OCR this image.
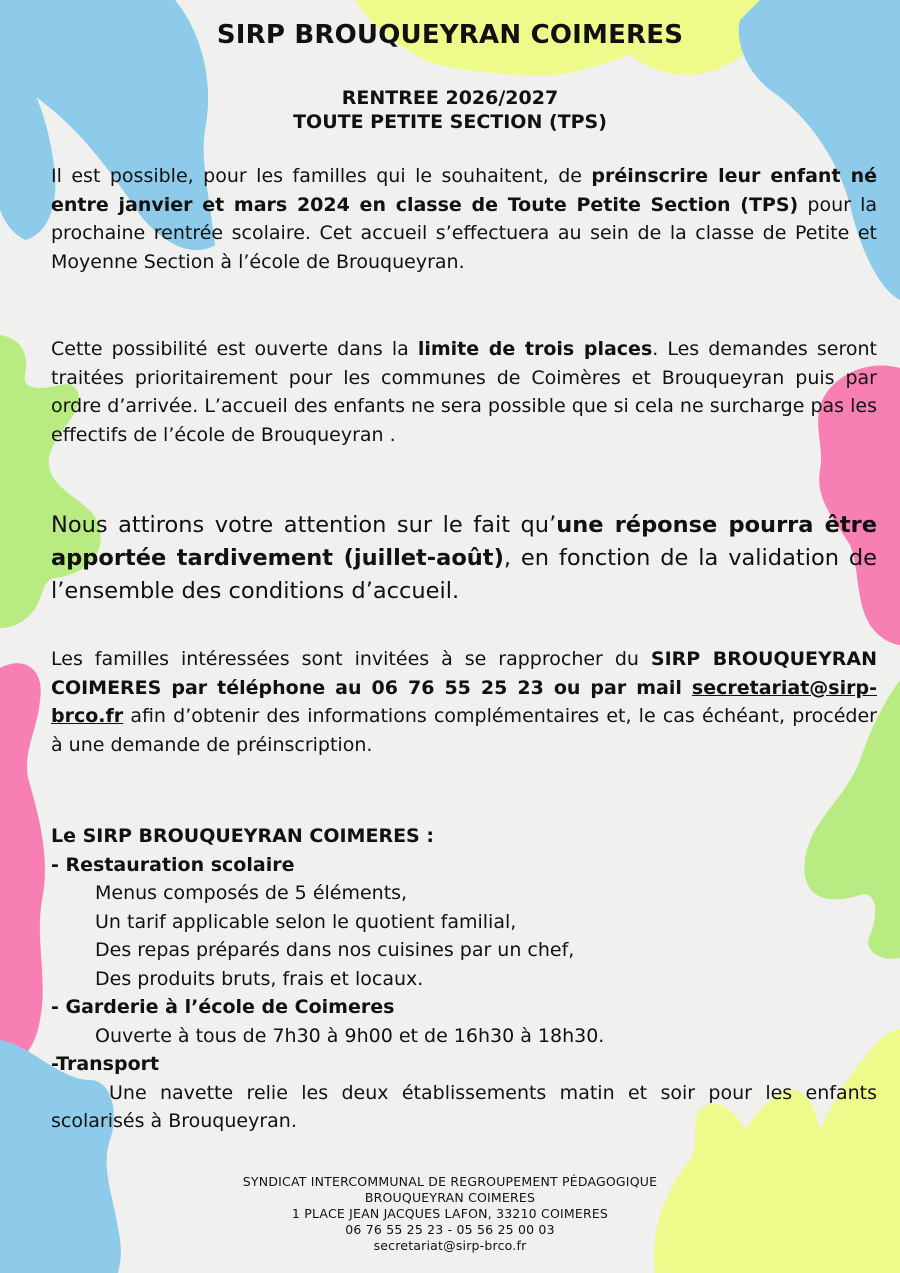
SIRP BROUQUEYRAN COIMERES
RENTREE 2026/2027
TOUTE PETITE SECTION (TPS)
Il est possible, pour les familles qui le souhaitent, de préinscrire leur enfant né entre janvier et mars 2024 en classe de Toute Petite Section (TPS) pour la prochaine rentrée scolaire. Cet accueil s’effectuera au sein de la classe de Petite et Moyenne Section à l’école de Brouqueyran.
Cette possibilité est ouverte dans la limite de trois places. Les demandes seront traitées prioritairement pour les communes de Coimères et Brouqueyran puis par ordre d’arrivée. L’accueil des enfants ne sera possible que si cela ne surcharge pas les effectifs de l’école de Brouqueyran .
Nous attirons votre attention sur le fait qu’une réponse pourra être apportée tardivement (juillet-août), en fonction de la validation de l’ensemble des conditions d’accueil.
Les familles intéressées sont invitées à se rapprocher du SIRP BROUQUEYRAN COIMERES par téléphone au 06 76 55 25 23 ou par mail secretariat@sirp-brco.fr afin d’obtenir des informations complémentaires et, le cas échéant, procéder à une demande de préinscription.
Le SIRP BROUQUEYRAN COIMERES :
- Restauration scolaire
Menus composés de 5 éléments,
Un tarif applicable selon le quotient familial,
Des repas préparés dans nos cuisines par un chef,
Des produits bruts, frais et locaux.
- Garderie à l’école de Coimeres
Ouverte à tous de 7h30 à 9h00 et de 16h30 à 18h30.
-Transport
Une navette relie les deux établissements matin et soir pour les enfants scolarisés à Brouqueyran.
SYNDICAT INTERCOMMUNAL DE REGROUPEMENT PÉDAGOGIQUE
BROUQUEYRAN COIMERES
1 PLACE JEAN JACQUES LAFON, 33210 COIMERES
06 76 55 25 23 - 05 56 25 00 03
secretariat@sirp-brco.fr
